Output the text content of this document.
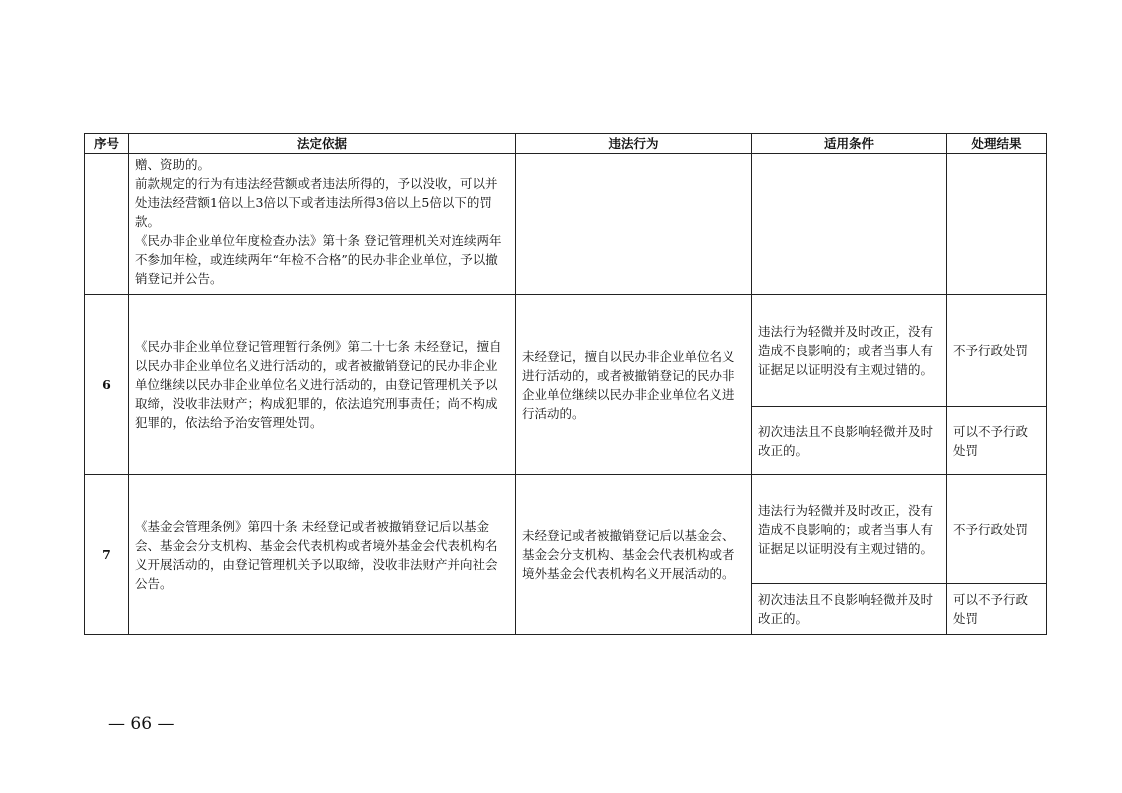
序号	法定依据	违法行为	适用条件	处理结果

	赠、资助的。
前款规定的行为有违法经营额或者违法所得的，予以没收，可以并处违法经营额1倍以上3倍以下或者违法所得3倍以上5倍以下的罚款。
《民办非企业单位年度检查办法》第十条 登记管理机关对连续两年不参加年检，或连续两年“年检不合格”的民办非企业单位，予以撤销登记并公告。			

6	《民办非企业单位登记管理暂行条例》第二十七条 未经登记，擅自以民办非企业单位名义进行活动的，或者被撤销登记的民办非企业单位继续以民办非企业单位名义进行活动的，由登记管理机关予以取缔，没收非法财产；构成犯罪的，依法追究刑事责任；尚不构成犯罪的，依法给予治安管理处罚。	未经登记，擅自以民办非企业单位名义进行活动的，或者被撤销登记的民办非企业单位继续以民办非企业单位名义进行活动的。	违法行为轻微并及时改正，没有造成不良影响的；或者当事人有证据足以证明没有主观过错的。	不予行政处罚
			初次违法且不良影响轻微并及时改正的。	可以不予行政处罚
7	《基金会管理条例》第四十条 未经登记或者被撤销登记后以基金会、基金会分支机构、基金会代表机构或者境外基金会代表机构名义开展活动的，由登记管理机关予以取缔，没收非法财产并向社会公告。	未经登记或者被撤销登记后以基金会、基金会分支机构、基金会代表机构或者境外基金会代表机构名义开展活动的。	违法行为轻微并及时改正，没有造成不良影响的；或者当事人有证据足以证明没有主观过错的。	不予行政处罚
			初次违法且不良影响轻微并及时改正的。	可以不予行政处罚
— 66 —
